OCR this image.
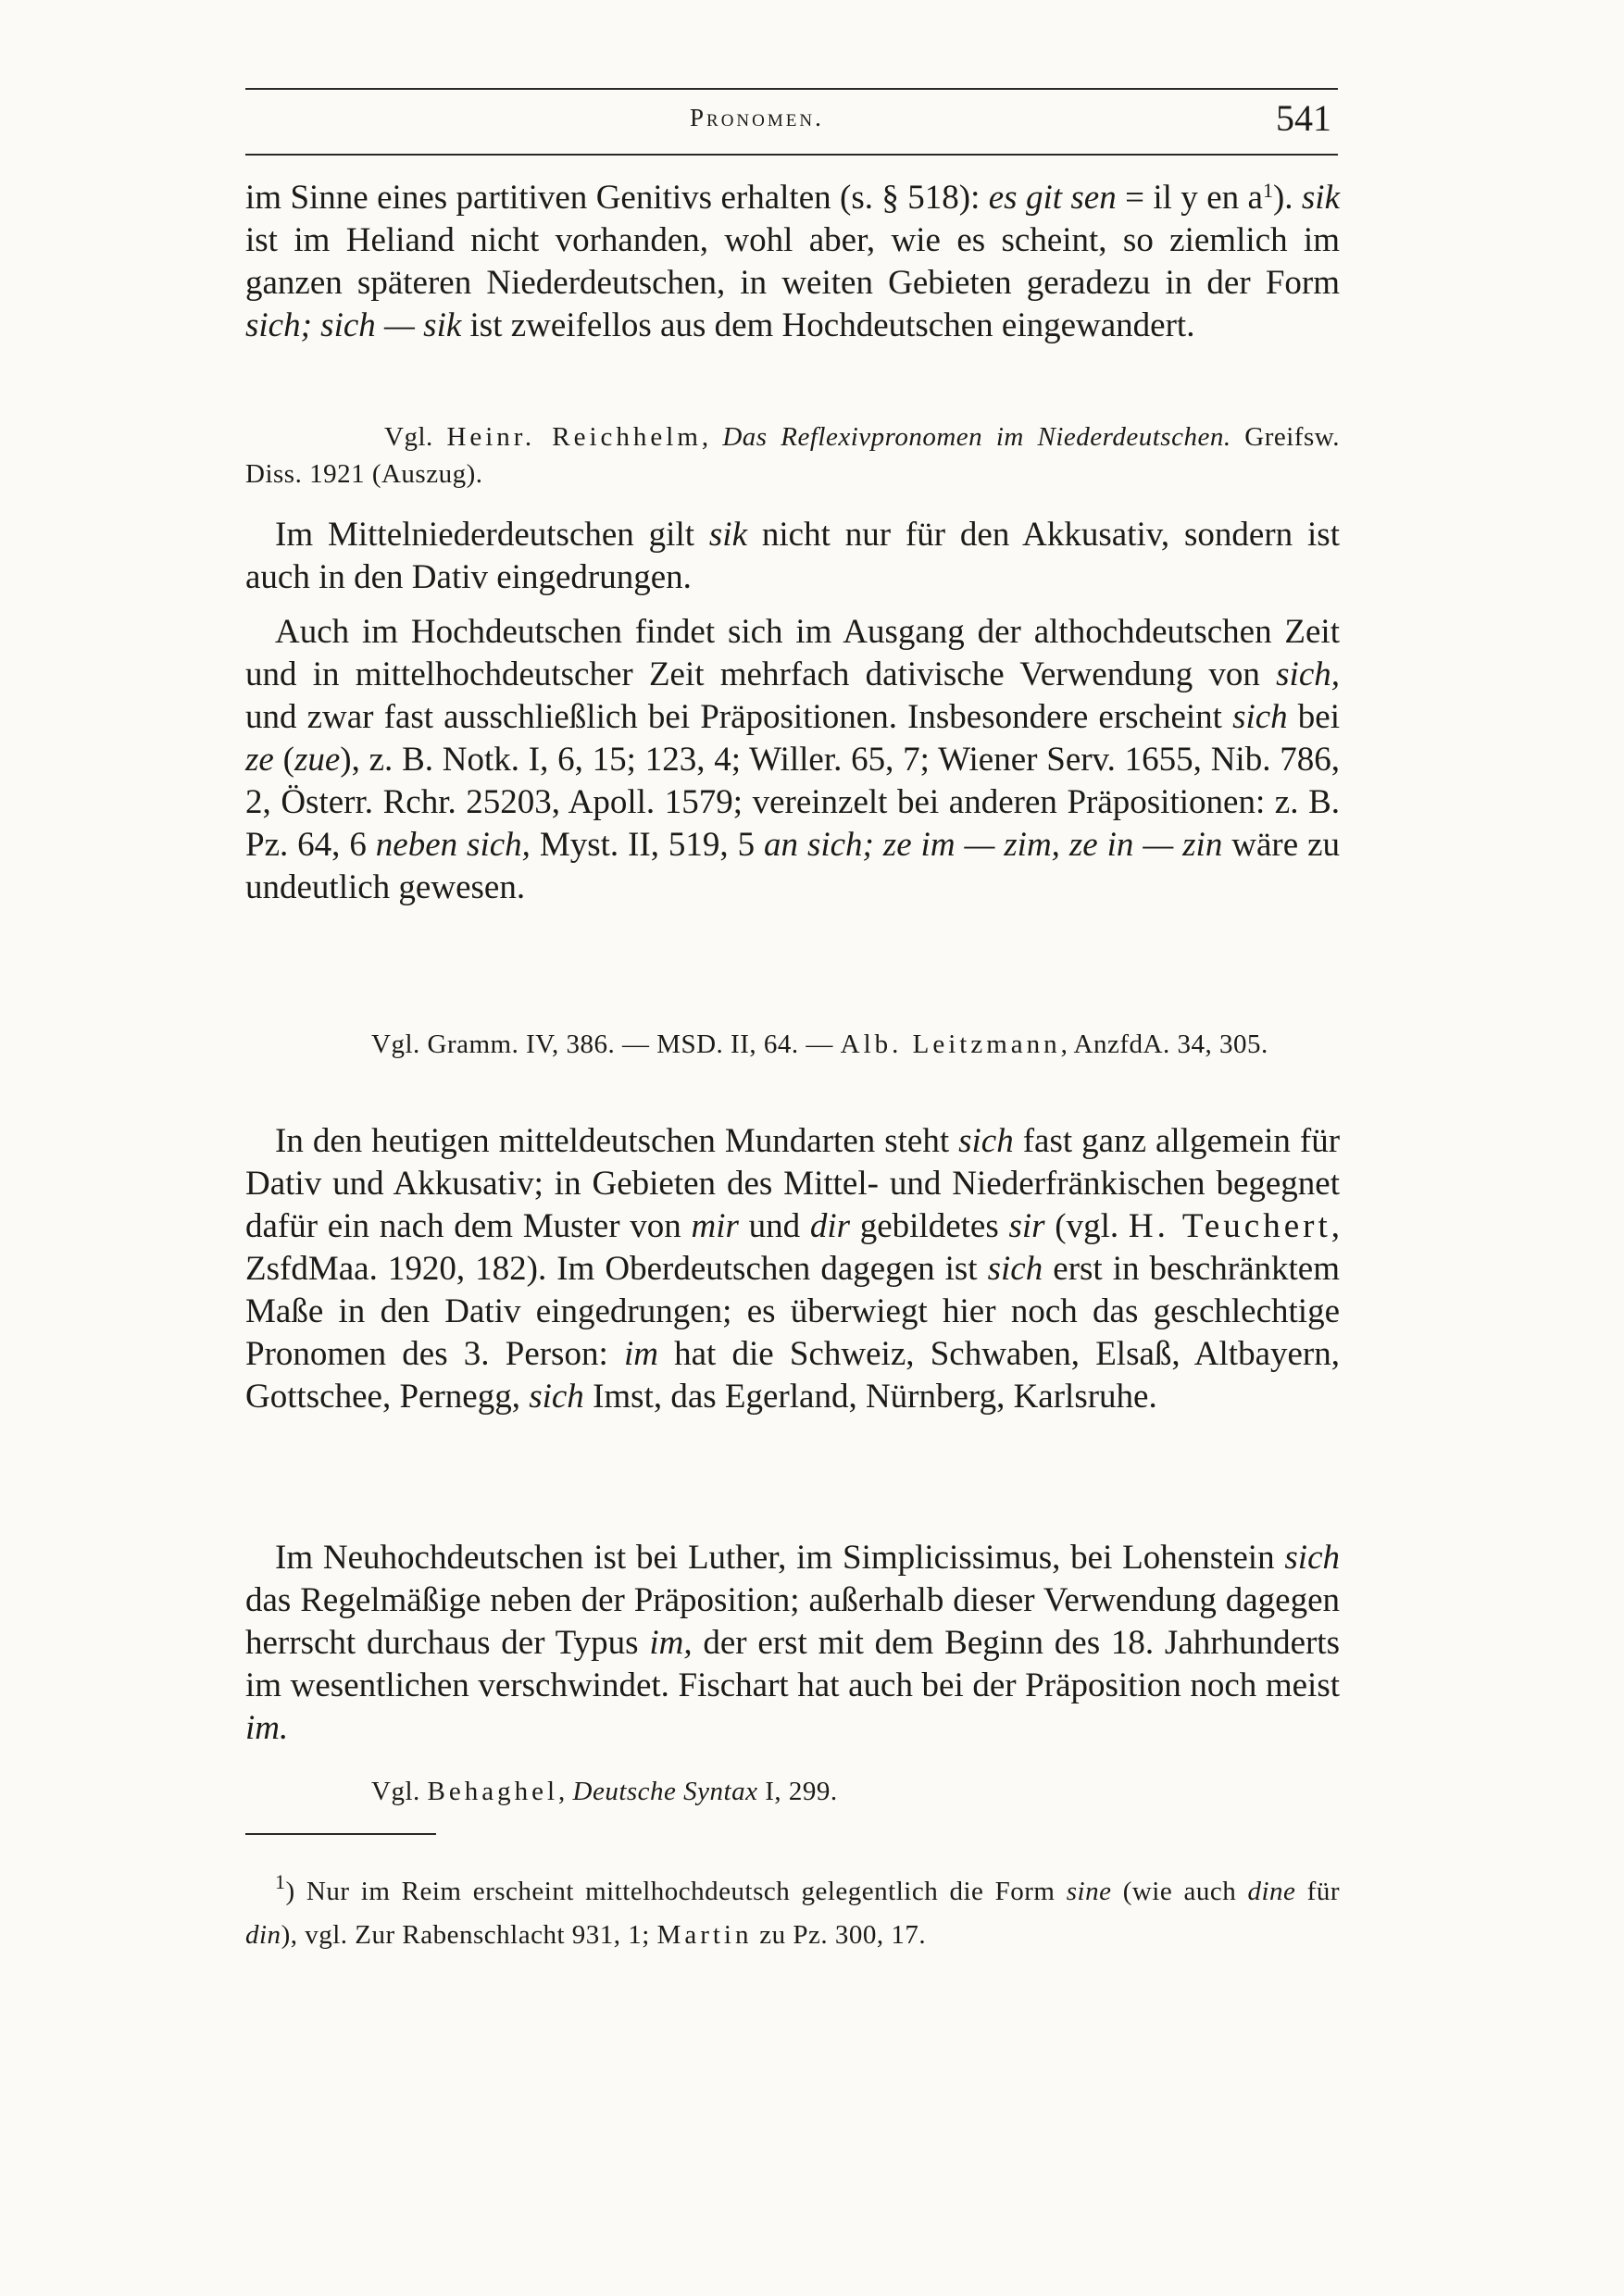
Pronomen.	541

im Sinne eines partitiven Genitivs erhalten (s. § 518): es git sen = il y en $a^1$). sik ist im Heliand nicht vorhanden, wohl aber, wie es scheint, so ziemlich im ganzen späteren Niederdeutschen, in weiten Gebieten geradezu in der Form sich; sich — sik ist zweifellos aus dem Hochdeutschen eingewandert.

Vgl. Heinr. Reichhelm, Das Reflexivpronomen im Niederdeutschen. Greifsw. Diss. 1921 (Auszug).

Im Mittelniederdeutschen gilt sik nicht nur für den Akkusativ, sondern ist auch in den Dativ eingedrungen.

Auch im Hochdeutschen findet sich im Ausgang der althochdeutschen Zeit und in mittelhochdeutscher Zeit mehrfach dativische Verwendung von sich, und zwar fast ausschließlich bei Präpositionen. Insbesondere erscheint sich bei ze (zue), z. B. Notk. I, 6, 15; 123, 4; Willer. 65, 7; Wiener Serv. 1655, Nib. 786, 2, Österr. Rchr. 25203, Apoll. 1579; vereinzelt bei anderen Präpositionen: z. B. Pz. 64, 6 neben sich, Myst. II, 519, 5 an sich; ze im — zim, ze in — zin wäre zu undeutlich gewesen.

Vgl. Gramm. IV, 386. — MSD. II, 64. — Alb. Leitzmann, AnzfdA. 34, 305.

In den heutigen mitteldeutschen Mundarten steht sich fast ganz allgemein für Dativ und Akkusativ; in Gebieten des Mittel- und Niederfränkischen begegnet dafür ein nach dem Muster von mir und dir gebildetes sir (vgl. H. Teuchert, ZsfdMaa. 1920, 182). Im Oberdeutschen dagegen ist sich erst in beschränktem Maße in den Dativ eingedrungen; es überwiegt hier noch das geschlechtige Pronomen des 3. Person: im hat die Schweiz, Schwaben, Elsaß, Altbayern, Gottschee, Pernegg, sich Imst, das Egerland, Nürnberg, Karlsruhe.

Im Neuhochdeutschen ist bei Luther, im Simplicissimus, bei Lohenstein sich das Regelmäßige neben der Präposition; außerhalb dieser Verwendung dagegen herrscht durchaus der Typus im, der erst mit dem Beginn des 18. Jahrhunderts im wesentlichen verschwindet. Fischart hat auch bei der Präposition noch meist im.

Vgl. Behaghel, Deutsche Syntax I, 299.

$^1$) Nur im Reim erscheint mittelhochdeutsch gelegentlich die Form sine (wie auch dine für din), vgl. Zur Rabenschlacht 931, 1; Martin zu Pz. 300, 17.
